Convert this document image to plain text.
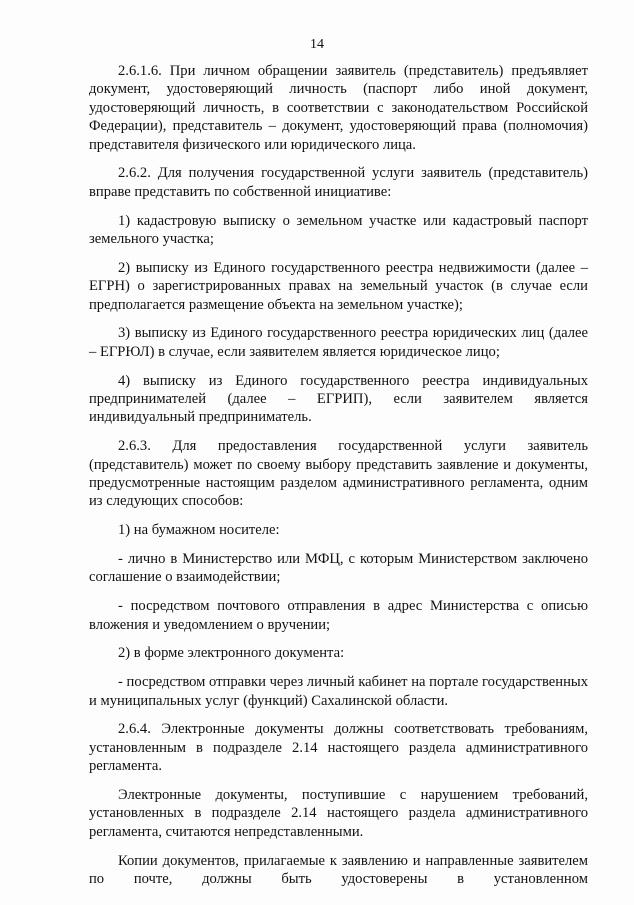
14

2.6.1.6. При личном обращении заявитель (представитель) предъявляет документ, удостоверяющий личность (паспорт либо иной документ, удостоверяющий личность, в соответствии с законодательством Российской Федерации), представитель – документ, удостоверяющий права (полномочия) представителя физического или юридического лица.

2.6.2. Для получения государственной услуги заявитель (представитель) вправе представить по собственной инициативе:

1) кадастровую выписку о земельном участке или кадастровый паспорт земельного участка;

2) выписку из Единого государственного реестра недвижимости (далее – ЕГРН) о зарегистрированных правах на земельный участок (в случае если предполагается размещение объекта на земельном участке);

3) выписку из Единого государственного реестра юридических лиц (далее – ЕГРЮЛ) в случае, если заявителем является юридическое лицо;

4) выписку из Единого государственного реестра индивидуальных предпринимателей (далее – ЕГРИП), если заявителем является индивидуальный предприниматель.

2.6.3. Для предоставления государственной услуги заявитель (представитель) может по своему выбору представить заявление и документы, предусмотренные настоящим разделом административного регламента, одним из следующих способов:

1) на бумажном носителе:

- лично в Министерство или МФЦ, с которым Министерством заключено соглашение о взаимодействии;

- посредством почтового отправления в адрес Министерства с описью вложения и уведомлением о вручении;

2) в форме электронного документа:

- посредством отправки через личный кабинет на портале государственных и муниципальных услуг (функций) Сахалинской области.

2.6.4. Электронные документы должны соответствовать требованиям, установленным в подразделе 2.14 настоящего раздела административного регламента.

Электронные документы, поступившие с нарушением требований, установленных в подразделе 2.14 настоящего раздела административного регламента, считаются непредставленными.

Копии документов, прилагаемые к заявлению и направленные заявителем по почте, должны быть удостоверены в установленном
